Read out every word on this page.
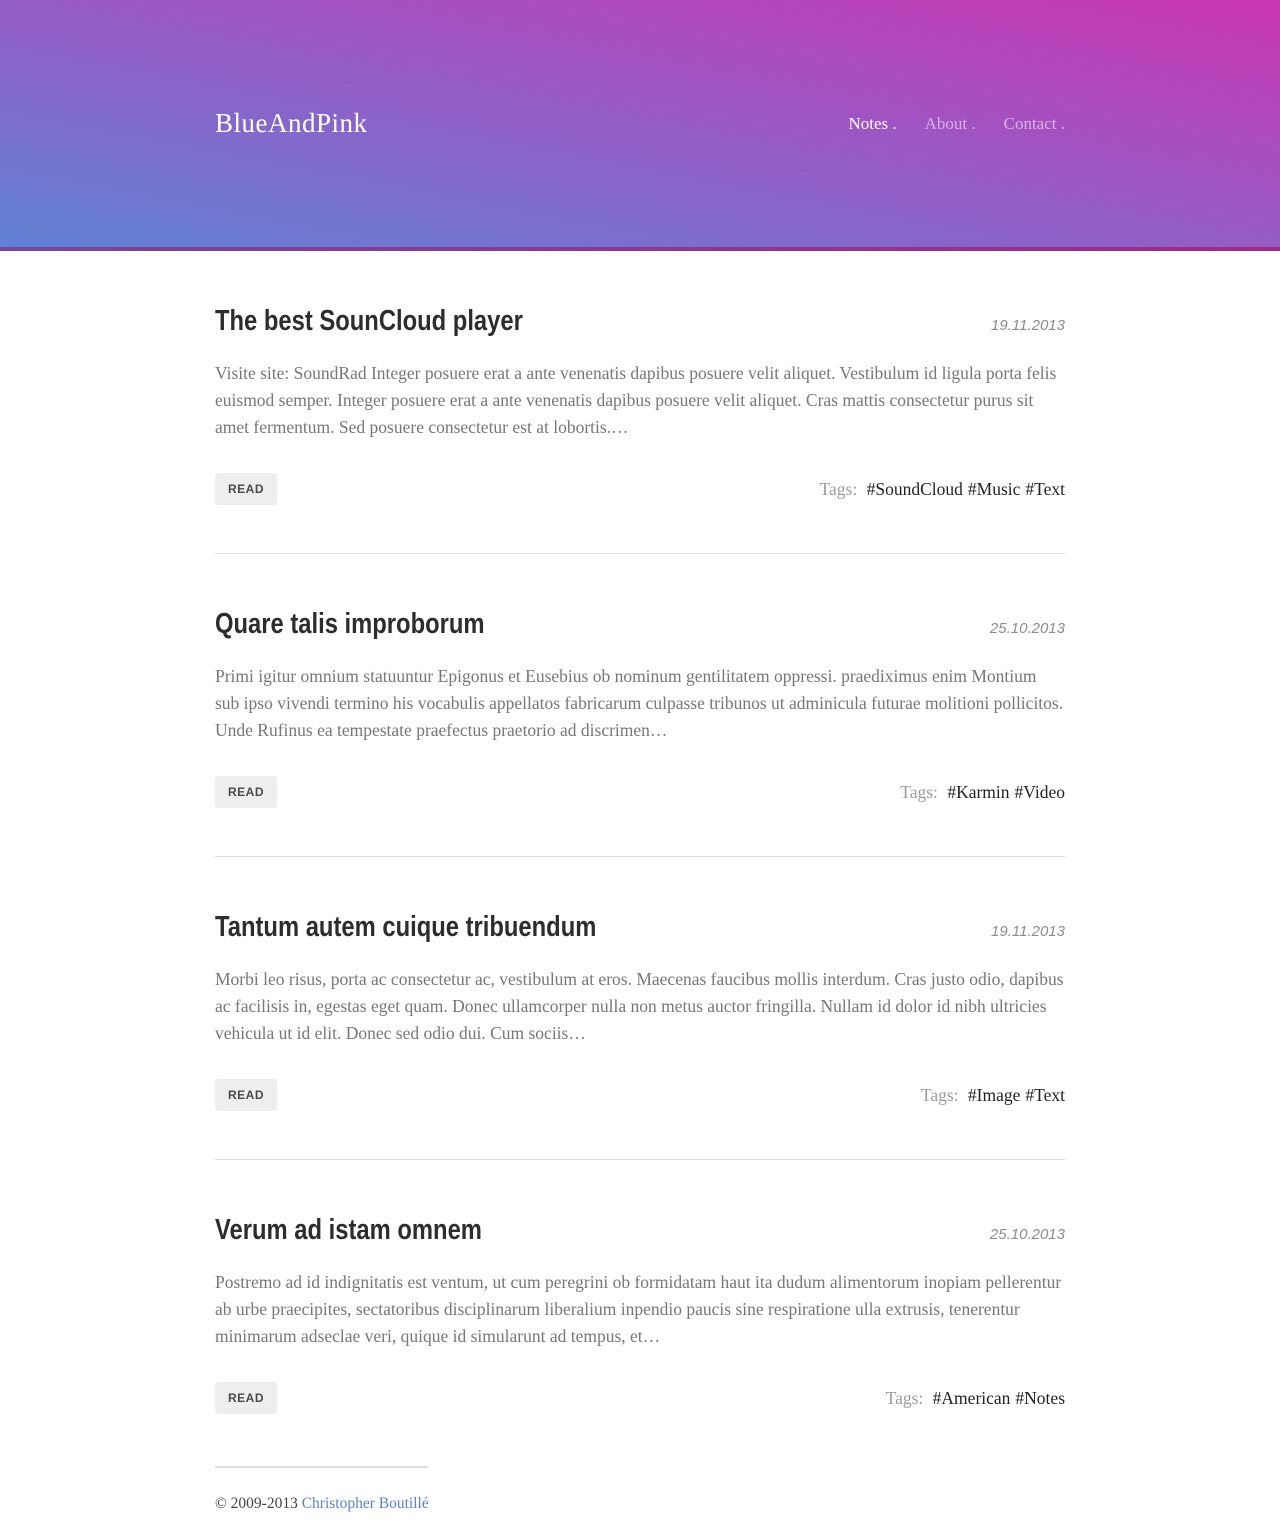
BlueAndPink	Notes . About . Contact .
The best SounCloud player	19.11.2013

Visite site: SoundRad Integer posuere erat a ante venenatis dapibus posuere velit aliquet. Vestibulum id ligula porta felis euismod semper. Integer posuere erat a ante venenatis dapibus posuere velit aliquet. Cras mattis consectetur purus sit amet fermentum. Sed posuere consectetur est at lobortis.…

READ	Tags: #SoundCloud #Music #Text
Quare talis improborum	25.10.2013

Primi igitur omnium statuuntur Epigonus et Eusebius ob nominum gentilitatem oppressi. praediximus enim Montium sub ipso vivendi termino his vocabulis appellatos fabricarum culpasse tribunos ut adminicula futurae molitioni pollicitos. Unde Rufinus ea tempestate praefectus praetorio ad discrimen…

READ	Tags: #Karmin #Video
Tantum autem cuique tribuendum	19.11.2013

Morbi leo risus, porta ac consectetur ac, vestibulum at eros. Maecenas faucibus mollis interdum. Cras justo odio, dapibus ac facilisis in, egestas eget quam. Donec ullamcorper nulla non metus auctor fringilla. Nullam id dolor id nibh ultricies vehicula ut id elit. Donec sed odio dui. Cum sociis…

READ	Tags: #Image #Text
Verum ad istam omnem	25.10.2013

Postremo ad id indignitatis est ventum, ut cum peregrini ob formidatam haut ita dudum alimentorum inopiam pellerentur ab urbe praecipites, sectatoribus disciplinarum liberalium inpendio paucis sine respiratione ulla extrusis, tenerentur minimarum adseclae veri, quique id simularunt ad tempus, et…

READ	Tags: #American #Notes

© 2009-2013 Christopher Boutillé
